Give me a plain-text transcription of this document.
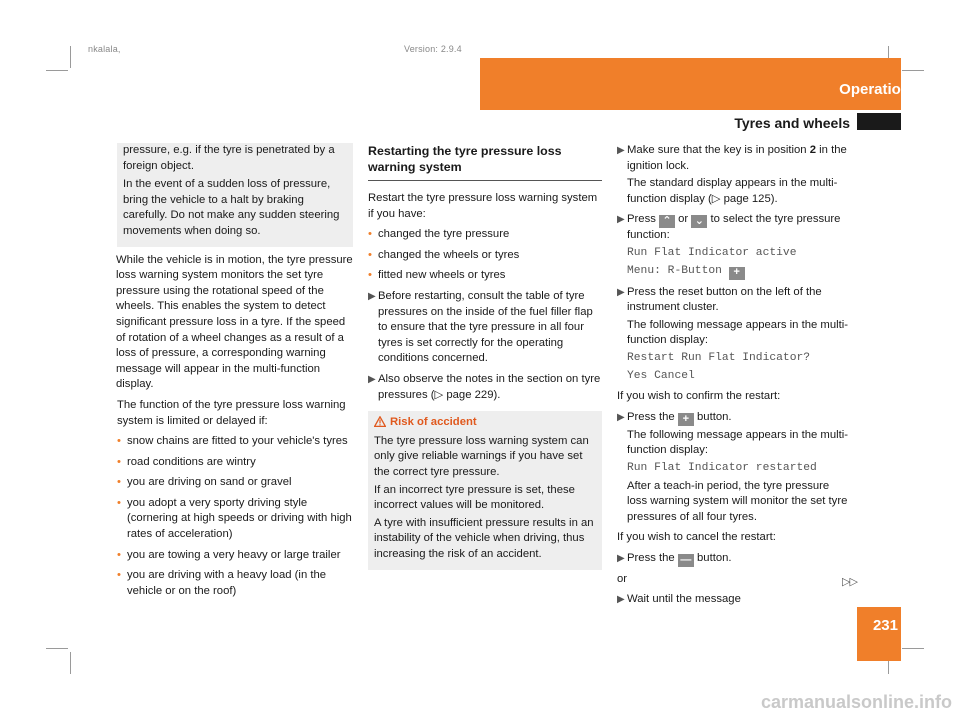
nkalala,	Version: 2.9.4
Operation
Tyres and wheels
231
▷▷

pressure, e.g. if the tyre is penetrated by a foreign object.

In the event of a sudden loss of pressure, bring the vehicle to a halt by braking carefully. Do not make any sudden steering movements when doing so.

While the vehicle is in motion, the tyre pressure loss warning system monitors the set tyre pressure using the rotational speed of the wheels. This enables the system to detect significant pressure loss in a tyre. If the speed of rotation of a wheel changes as a result of a loss of pressure, a corresponding warning message will appear in the multi-function display.

The function of the tyre pressure loss warning system is limited or delayed if:

• snow chains are fitted to your vehicle's tyres
• road conditions are wintry
• you are driving on sand or gravel
• you adopt a very sporty driving style (cornering at high speeds or driving with high rates of acceleration)
• you are towing a very heavy or large trailer
• you are driving with a heavy load (in the vehicle or on the roof)
Restarting the tyre pressure loss warning system

Restart the tyre pressure loss warning system if you have:

• changed the tyre pressure
• changed the wheels or tyres
• fitted new wheels or tyres
▶ Before restarting, consult the table of tyre pressures on the inside of the fuel filler flap to ensure that the tyre pressure in all four tyres is set correctly for the operating conditions concerned.
▶ Also observe the notes in the section on tyre pressures (▷ page 229).
Risk of accident

The tyre pressure loss warning system can only give reliable warnings if you have set the correct tyre pressure.

If an incorrect tyre pressure is set, these incorrect values will be monitored.

A tyre with insufficient pressure results in an instability of the vehicle when driving, thus increasing the risk of an accident.

▶ Make sure that the key is in position 2 in the ignition lock.
The standard display appears in the multi-function display (▷ page 125).
▶ Press ⌃ or ⌄ to select the tyre pressure function:
Run Flat Indicator active
Menu: R-Button +
▶ Press the reset button on the left of the instrument cluster.
The following message appears in the multi-function display:
Restart Run Flat Indicator?
Yes Cancel

If you wish to confirm the restart:

▶ Press the + button.
The following message appears in the multi-function display:
Run Flat Indicator restarted
After a teach-in period, the tyre pressure loss warning system will monitor the set tyre pressures of all four tyres.

If you wish to cancel the restart:

▶ Press the — button.

or

▶ Wait until the message
carmanualsonline.info
